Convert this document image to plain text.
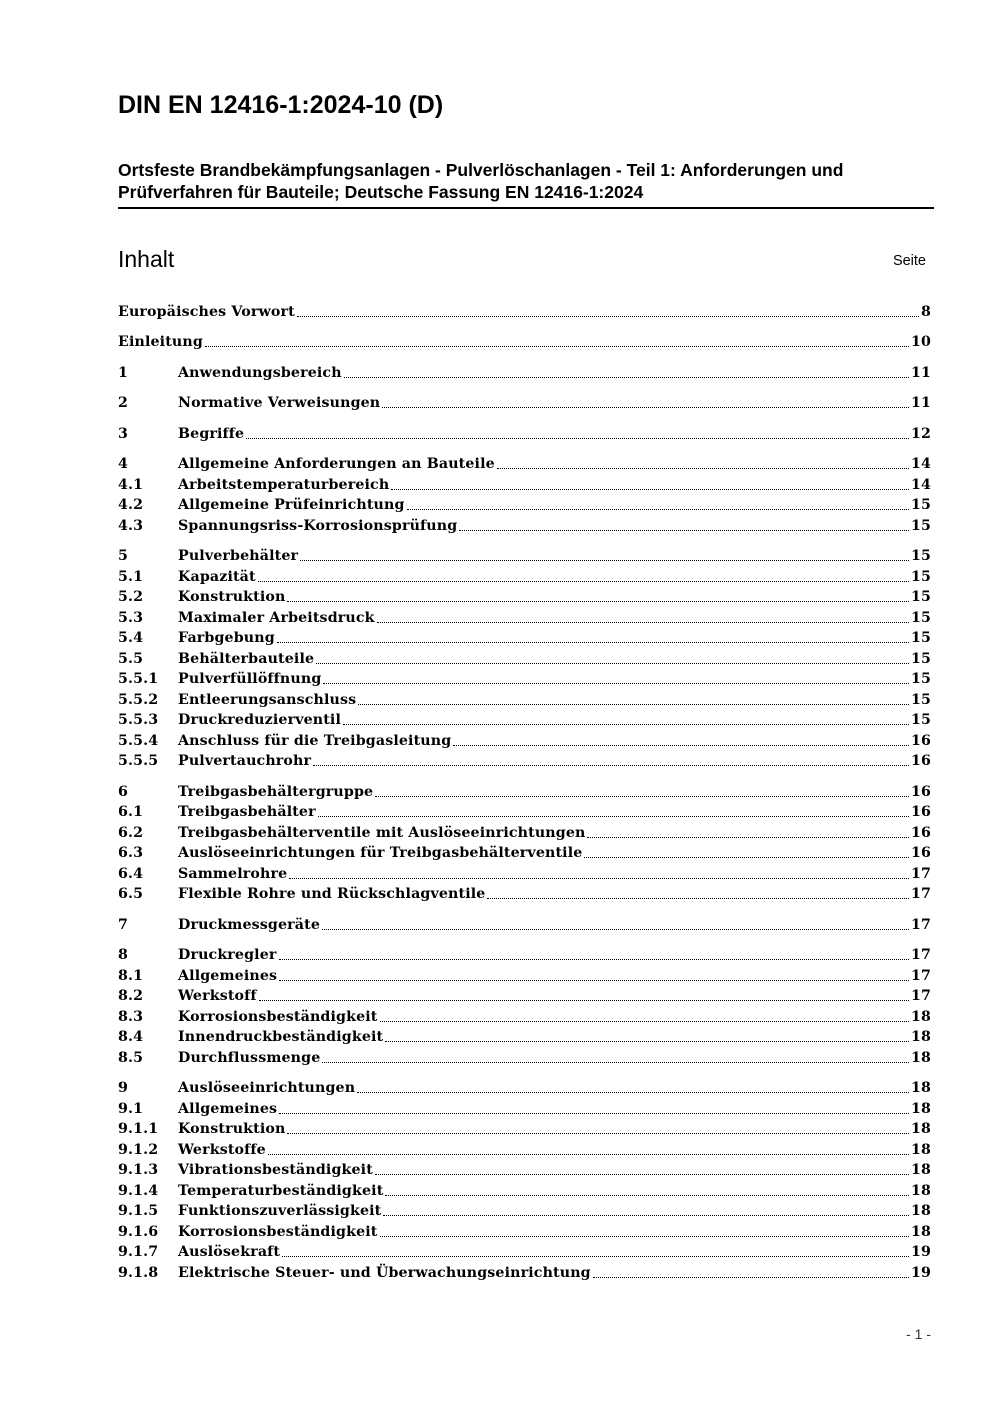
DIN EN 12416-1:2024-10 (D)
Ortsfeste Brandbekämpfungsanlagen - Pulverlöschanlagen - Teil 1: Anforderungen und Prüfverfahren für Bauteile; Deutsche Fassung EN 12416-1:2024
Inhalt	Seite
Europäisches Vorwort	8
Einleitung	10
1	Anwendungsbereich	11
2	Normative Verweisungen	11
3	Begriffe	12
4	Allgemeine Anforderungen an Bauteile	14
4.1	Arbeitstemperaturbereich	14
4.2	Allgemeine Prüfeinrichtung	15
4.3	Spannungsriss-Korrosionsprüfung	15
5	Pulverbehälter	15
5.1	Kapazität	15
5.2	Konstruktion	15
5.3	Maximaler Arbeitsdruck	15
5.4	Farbgebung	15
5.5	Behälterbauteile	15
5.5.1	Pulverfüllöffnung	15
5.5.2	Entleerungsanschluss	15
5.5.3	Druckreduzierventil	15
5.5.4	Anschluss für die Treibgasleitung	16
5.5.5	Pulvertauchrohr	16
6	Treibgasbehältergruppe	16
6.1	Treibgasbehälter	16
6.2	Treibgasbehälterventile mit Auslöseeinrichtungen	16
6.3	Auslöseeinrichtungen für Treibgasbehälterventile	16
6.4	Sammelrohre	17
6.5	Flexible Rohre und Rückschlagventile	17
7	Druckmessgeräte	17
8	Druckregler	17
8.1	Allgemeines	17
8.2	Werkstoff	17
8.3	Korrosionsbeständigkeit	18
8.4	Innendruckbeständigkeit	18
8.5	Durchflussmenge	18
9	Auslöseeinrichtungen	18
9.1	Allgemeines	18
9.1.1	Konstruktion	18
9.1.2	Werkstoffe	18
9.1.3	Vibrationsbeständigkeit	18
9.1.4	Temperaturbeständigkeit	18
9.1.5	Funktionszuverlässigkeit	18
9.1.6	Korrosionsbeständigkeit	18
9.1.7	Auslösekraft	19
9.1.8	Elektrische Steuer- und Überwachungseinrichtung	19
- 1 -
